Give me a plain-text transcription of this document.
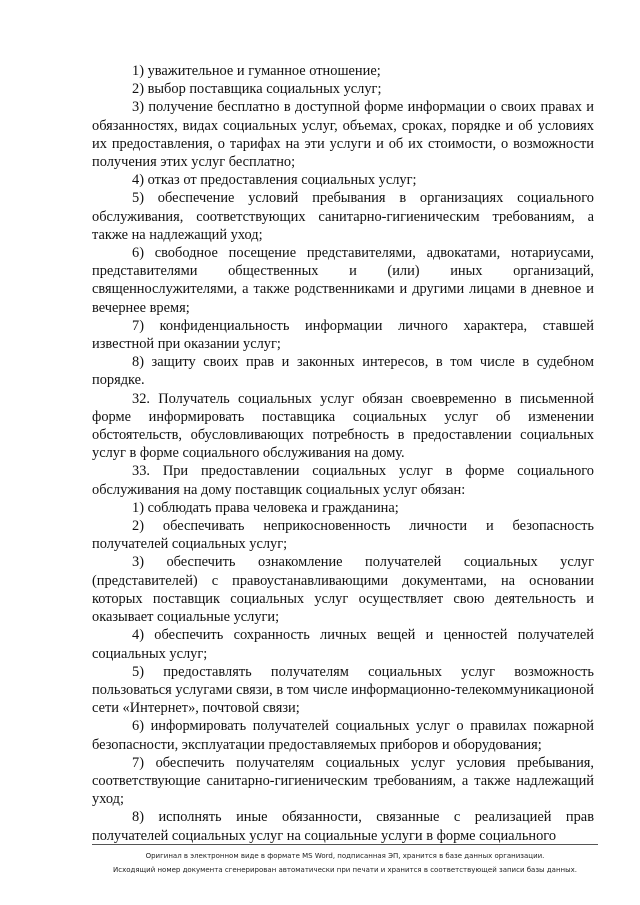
1) уважительное и гуманное отношение;

2) выбор поставщика социальных услуг;

3) получение бесплатно в доступной форме информации о своих правах и обязанностях, видах социальных услуг, объемах, сроках, порядке и об условиях их предоставления, о тарифах на эти услуги и об их стоимости, о возможности получения этих услуг бесплатно;

4) отказ от предоставления социальных услуг;

5) обеспечение условий пребывания в организациях социального обслуживания, соответствующих санитарно-гигиеническим требованиям, а также на надлежащий уход;

6) свободное посещение представителями, адвокатами, нотариусами, представителями общественных и (или) иных организаций, священнослужителями, а также родственниками и другими лицами в дневное и вечернее время;

7) конфиденциальность информации личного характера, ставшей известной при оказании услуг;

8) защиту своих прав и законных интересов, в том числе в судебном порядке.

32. Получатель социальных услуг обязан своевременно в письменной форме информировать поставщика социальных услуг об изменении обстоятельств, обусловливающих потребность в предоставлении социальных услуг в форме социального обслуживания на дому.

33. При предоставлении социальных услуг в форме социального обслуживания на дому поставщик социальных услуг обязан:

1) соблюдать права человека и гражданина;

2) обеспечивать неприкосновенность личности и безопасность получателей социальных услуг;

3) обеспечить ознакомление получателей социальных услуг (представителей) с правоустанавливающими документами, на основании которых поставщик социальных услуг осуществляет свою деятельность и оказывает социальные услуги;

4) обеспечить сохранность личных вещей и ценностей получателей социальных услуг;

5) предоставлять получателям социальных услуг возможность пользоваться услугами связи, в том числе информационно-телекоммуникационой сети «Интернет», почтовой связи;

6) информировать получателей социальных услуг о правилах пожарной безопасности, эксплуатации предоставляемых приборов и оборудования;

7) обеспечить получателям социальных услуг условия пребывания, соответствующие санитарно-гигиеническим требованиям, а также надлежащий уход;

8) исполнять иные обязанности, связанные с реализацией прав получателей социальных услуг на социальные услуги в форме социального

Оригинал в электронном виде в формате MS Word, подписанная ЭП, хранится в базе данных организации.
Исходящий номер документа сгенерирован автоматически при печати и хранится в соответствующей записи базы данных.
